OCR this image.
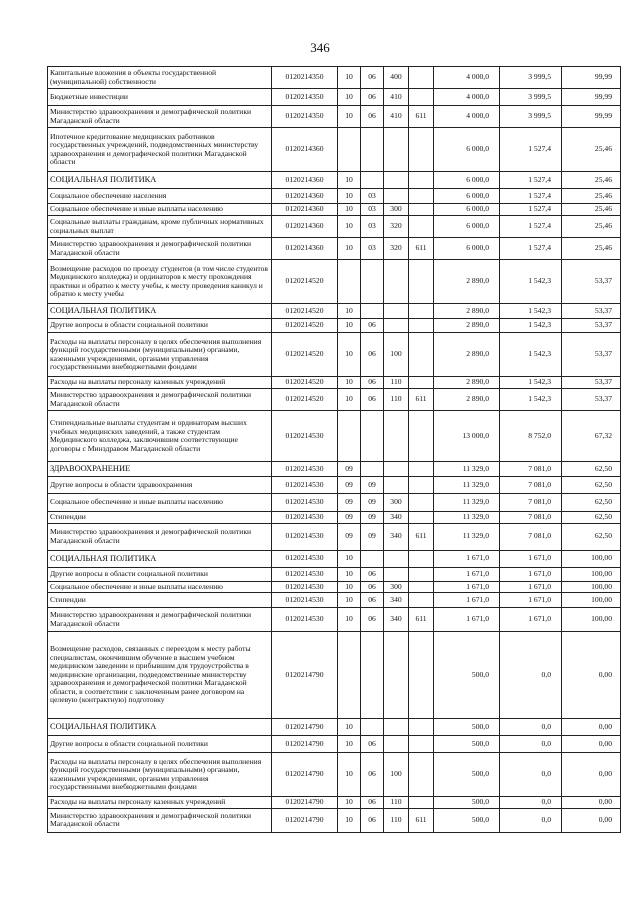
346
Капитальные вложения в объекты государственной (муниципальной) собственности	0120214350	10	06	400		4 000,0	3 999,5	99,99
Бюджетные инвестиции	0120214350	10	06	410		4 000,0	3 999,5	99,99
Министерство здравоохранения и демографической политики Магаданской области	0120214350	10	06	410	611	4 000,0	3 999,5	99,99
Ипотечное кредитование медицинских работников государственных учреждений, подведомственных министерству здравоохранения и демографической политики Магаданской области	0120214360					6 000,0	1 527,4	25,46
СОЦИАЛЬНАЯ ПОЛИТИКА	0120214360	10				6 000,0	1 527,4	25,46
Социальное обеспечение населения	0120214360	10	03			6 000,0	1 527,4	25,46
Социальное обеспечение и иные выплаты населению	0120214360	10	03	300		6 000,0	1 527,4	25,46
Социальные выплаты гражданам, кроме публичных нормативных социальных выплат	0120214360	10	03	320		6 000,0	1 527,4	25,46
Министерство здравоохранения и демографической политики Магаданской области	0120214360	10	03	320	611	6 000,0	1 527,4	25,46
Возмещение расходов по проезду студентов (в том числе студентов Медицинского колледжа) и ординаторов к месту прохождения практики и обратно к месту учебы, к месту проведения каникул и обратно к месту учебы	0120214520					2 890,0	1 542,3	53,37
СОЦИАЛЬНАЯ ПОЛИТИКА	0120214520	10				2 890,0	1 542,3	53,37
Другие вопросы в области социальной политики	0120214520	10	06			2 890,0	1 542,3	53,37
Расходы на выплаты персоналу в целях обеспечения выполнения функций государственными (муниципальными) органами, казенными учреждениями, органами управления государственными внебюджетными фондами	0120214520	10	06	100		2 890,0	1 542,3	53,37
Расходы на выплаты персоналу казенных учреждений	0120214520	10	06	110		2 890,0	1 542,3	53,37
Министерство здравоохранения и демографической политики Магаданской области	0120214520	10	06	110	611	2 890,0	1 542,3	53,37
Стипендиальные выплаты студентам и ординаторам высших учебных медицинских заведений, а также студентам Медицинского колледжа, заключившим соответствующие договоры с Минздравом Магаданской области	0120214530					13 000,0	8 752,0	67,32
ЗДРАВООХРАНЕНИЕ	0120214530	09				11 329,0	7 081,0	62,50
Другие вопросы в области здравоохранения	0120214530	09	09			11 329,0	7 081,0	62,50
Социальное обеспечение и иные выплаты населению	0120214530	09	09	300		11 329,0	7 081,0	62,50
Стипендии	0120214530	09	09	340		11 329,0	7 081,0	62,50
Министерство здравоохранения и демографической политики Магаданской области	0120214530	09	09	340	611	11 329,0	7 081,0	62,50
СОЦИАЛЬНАЯ ПОЛИТИКА	0120214530	10				1 671,0	1 671,0	100,00
Другие вопросы в области социальной политики	0120214530	10	06			1 671,0	1 671,0	100,00
Социальное обеспечение и иные выплаты населению	0120214530	10	06	300		1 671,0	1 671,0	100,00
Стипендии	0120214530	10	06	340		1 671,0	1 671,0	100,00
Министерство здравоохранения и демографической политики Магаданской области	0120214530	10	06	340	611	1 671,0	1 671,0	100,00
Возмещение расходов, связанных с переездом к месту работы специалистам, окончившим обучение в высшем учебном медицинском заведении и прибывшим для трудоустройства в медицинские организации, подведомственные министерству здравоохранения и демографической политики Магаданской области, в соответствии с заключенным ранее договором на целевую (контрактную) подготовку	0120214790					500,0	0,0	0,00
СОЦИАЛЬНАЯ ПОЛИТИКА	0120214790	10				500,0	0,0	0,00
Другие вопросы в области социальной политики	0120214790	10	06			500,0	0,0	0,00
Расходы на выплаты персоналу в целях обеспечения выполнения функций государственными (муниципальными) органами, казенными учреждениями, органами управления государственными внебюджетными фондами	0120214790	10	06	100		500,0	0,0	0,00
Расходы на выплаты персоналу казенных учреждений	0120214790	10	06	110		500,0	0,0	0,00
Министерство здравоохранения и демографической политики Магаданской области	0120214790	10	06	110	611	500,0	0,0	0,00
